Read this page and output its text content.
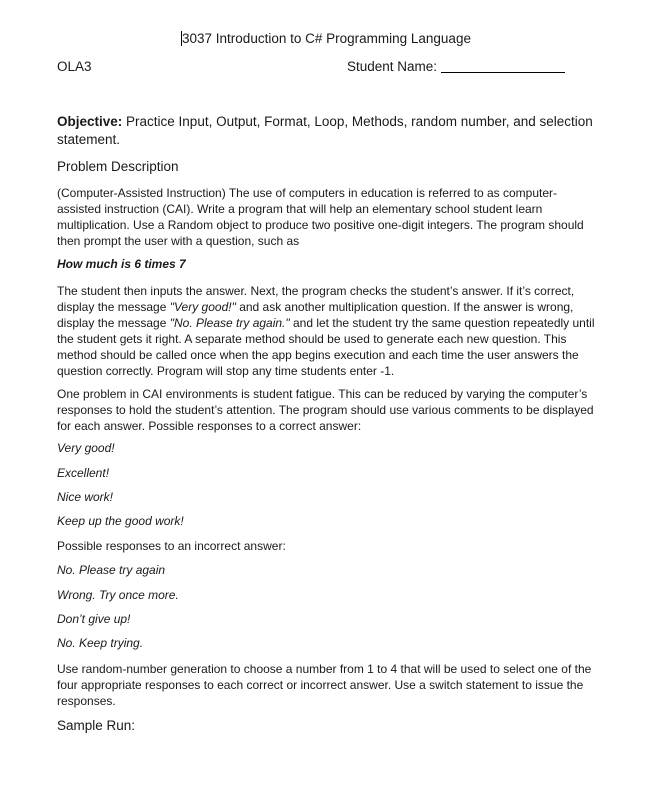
3037 Introduction to C# Programming Language
OLA3	Student Name:
Objective: Practice Input, Output, Format, Loop, Methods, random number, and selection statement.
Problem Description
(Computer-Assisted Instruction) The use of computers in education is referred to as computer-assisted instruction (CAI). Write a program that will help an elementary school student learn multiplication. Use a Random object to produce two positive one-digit integers. The program should then prompt the user with a question, such as
How much is 6 times 7
The student then inputs the answer. Next, the program checks the student’s answer. If it’s correct, display the message "Very good!" and ask another multiplication question. If the answer is wrong, display the message "No. Please try again." and let the student try the same question repeatedly until the student gets it right. A separate method should be used to generate each new question. This method should be called once when the app begins execution and each time the user answers the question correctly. Program will stop any time students enter -1.
One problem in CAI environments is student fatigue. This can be reduced by varying the computer’s responses to hold the student’s attention. The program should use various comments to be displayed for each answer. Possible responses to a correct answer:
Very good!
Excellent!
Nice work!
Keep up the good work!
Possible responses to an incorrect answer:
No. Please try again
Wrong. Try once more.
Don’t give up!
No. Keep trying.
Use random-number generation to choose a number from 1 to 4 that will be used to select one of the four appropriate responses to each correct or incorrect answer. Use a switch statement to issue the responses.
Sample Run:
